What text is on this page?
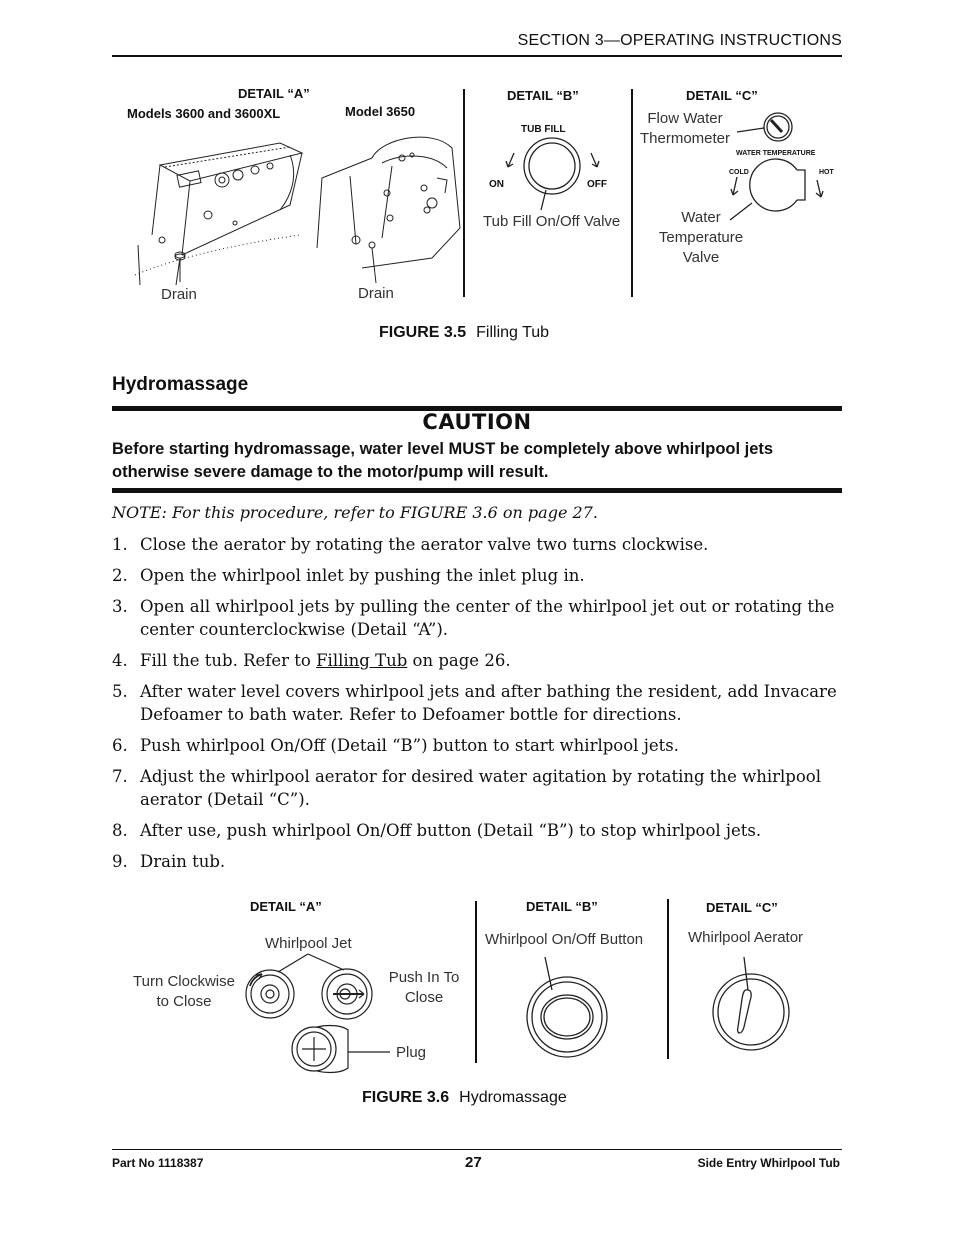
SECTION 3—OPERATING INSTRUCTIONS
DETAIL “A”
Models 3600 and 3600XL	Model 3650
Drain	Drain
DETAIL “B”
TUB FILL
ON	OFF
Tub Fill On/Off Valve
DETAIL “C”
Flow Water
Thermometer
WATER TEMPERATURE
COLD	HOT
Water
Temperature
Valve
FIGURE 3.5 Filling Tub
Hydromassage
CAUTION
Before starting hydromassage, water level MUST be completely above whirlpool jets otherwise severe damage to the motor/pump will result.
NOTE: For this procedure, refer to FIGURE 3.6 on page 27.
1. Close the aerator by rotating the aerator valve two turns clockwise.
2. Open the whirlpool inlet by pushing the inlet plug in.
3. Open all whirlpool jets by pulling the center of the whirlpool jet out or rotating the center counterclockwise (Detail “A”).
4. Fill the tub. Refer to Filling Tub on page 26.
5. After water level covers whirlpool jets and after bathing the resident, add Invacare Defoamer to bath water. Refer to Defoamer bottle for directions.
6. Push whirlpool On/Off (Detail “B”) button to start whirlpool jets.
7. Adjust the whirlpool aerator for desired water agitation by rotating the whirlpool aerator (Detail “C”).
8. After use, push whirlpool On/Off button (Detail “B”) to stop whirlpool jets.
9. Drain tub.
DETAIL “A”
Whirlpool Jet
Turn Clockwise
to Close
Push In To
Close
Plug
DETAIL “B”
Whirlpool On/Off Button
DETAIL “C”
Whirlpool Aerator
FIGURE 3.6 Hydromassage
Part No 1118387	27	Side Entry Whirlpool Tub
